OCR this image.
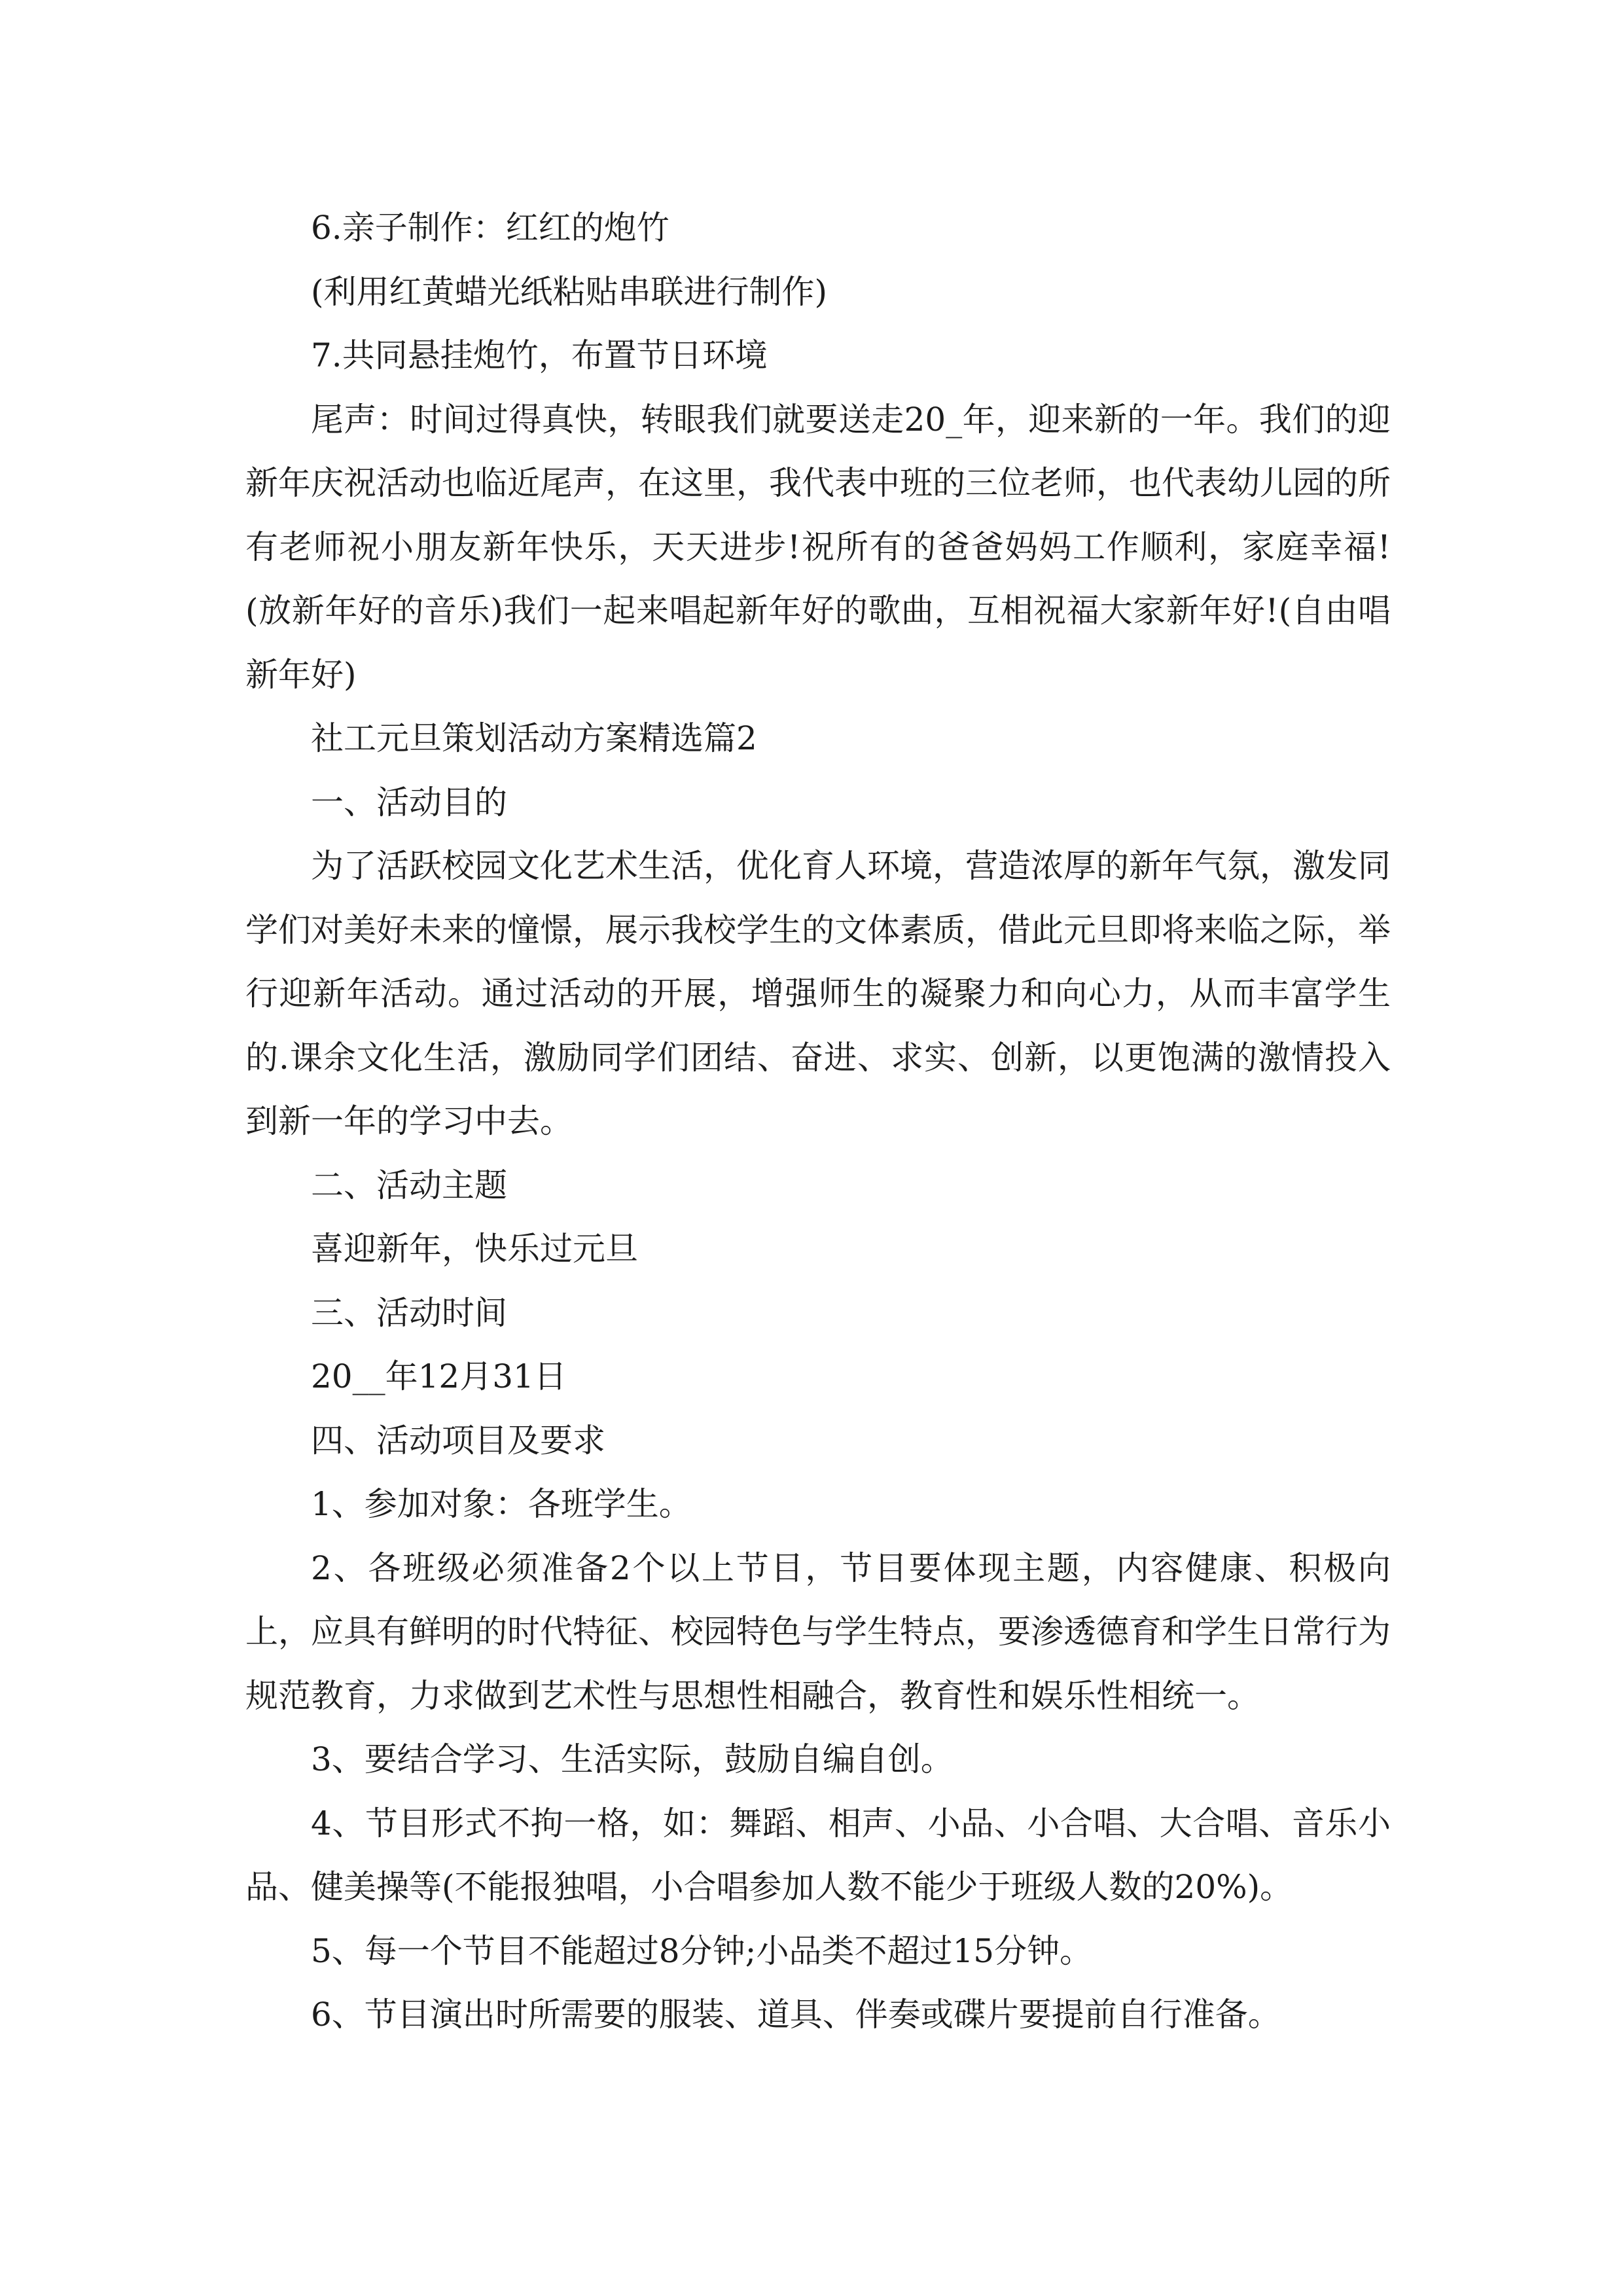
6.亲子制作：红红的炮竹

(利用红黄蜡光纸粘贴串联进行制作)

7.共同悬挂炮竹，布置节日环境

尾声：时间过得真快，转眼我们就要送走20_年，迎来新的一年。我们的迎新年庆祝活动也临近尾声，在这里，我代表中班的三位老师，也代表幼儿园的所有老师祝小朋友新年快乐，天天进步!祝所有的爸爸妈妈工作顺利，家庭幸福!(放新年好的音乐)我们一起来唱起新年好的歌曲，互相祝福大家新年好!(自由唱新年好)

社工元旦策划活动方案精选篇2

一、活动目的

为了活跃校园文化艺术生活，优化育人环境，营造浓厚的新年气氛，激发同学们对美好未来的憧憬，展示我校学生的文体素质，借此元旦即将来临之际，举行迎新年活动。通过活动的开展，增强师生的凝聚力和向心力，从而丰富学生的.课余文化生活，激励同学们团结、奋进、求实、创新，以更饱满的激情投入到新一年的学习中去。

二、活动主题

喜迎新年，快乐过元旦

三、活动时间

20__年12月31日

四、活动项目及要求

1、参加对象：各班学生。

2、各班级必须准备2个以上节目，节目要体现主题，内容健康、积极向上，应具有鲜明的时代特征、校园特色与学生特点，要渗透德育和学生日常行为规范教育，力求做到艺术性与思想性相融合，教育性和娱乐性相统一。

3、要结合学习、生活实际，鼓励自编自创。

4、节目形式不拘一格，如：舞蹈、相声、小品、小合唱、大合唱、音乐小品、健美操等(不能报独唱，小合唱参加人数不能少于班级人数的20%)。

5、每一个节目不能超过8分钟;小品类不超过15分钟。

6、节目演出时所需要的服装、道具、伴奏或碟片要提前自行准备。
